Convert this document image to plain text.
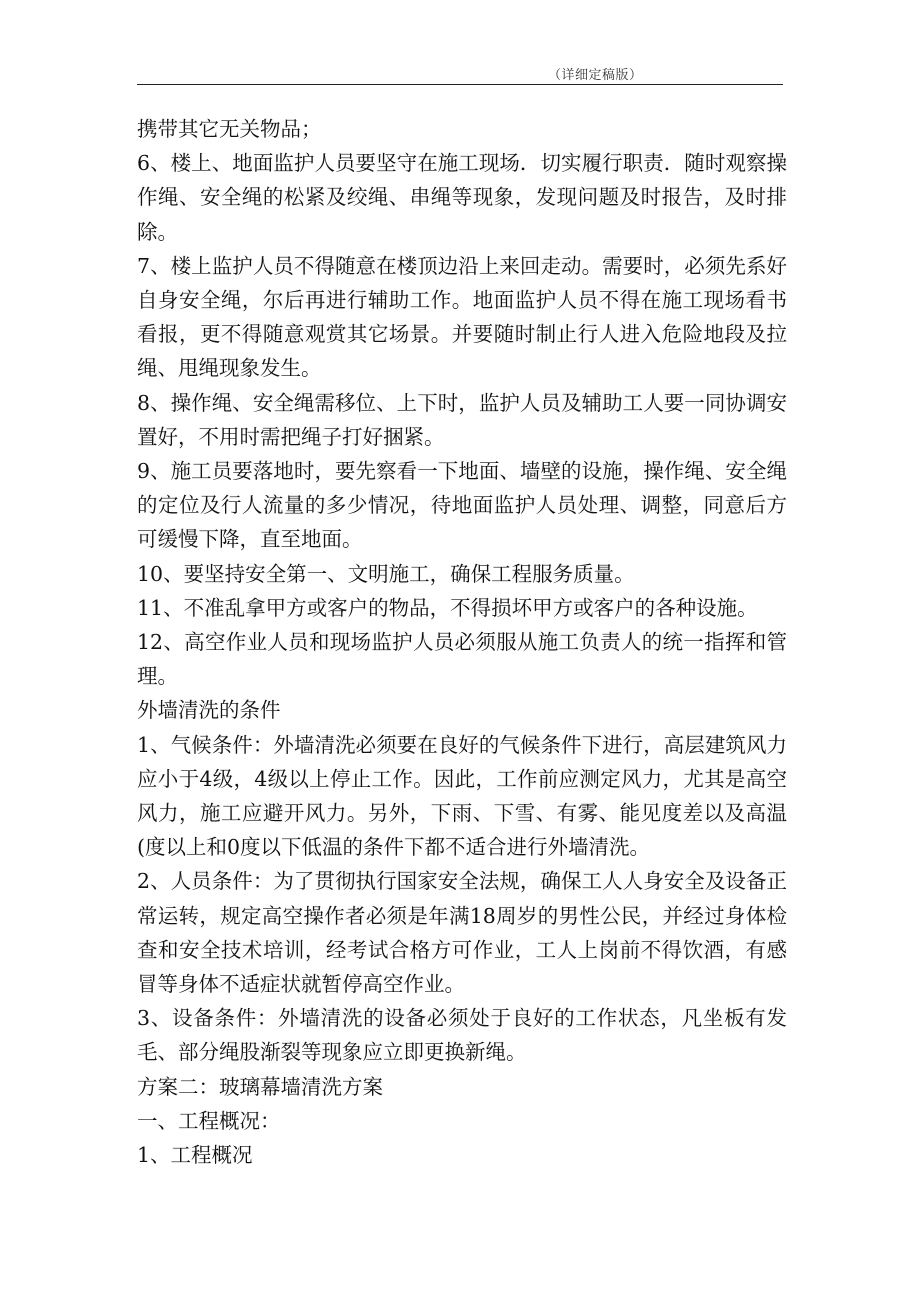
（详细定稿版）

携带其它无关物品；

6、楼上、地面监护人员要坚守在施工现场．切实履行职责．随时观察操作绳、安全绳的松紧及绞绳、串绳等现象，发现问题及时报告，及时排除。

7、楼上监护人员不得随意在楼顶边沿上来回走动。需要时，必须先系好自身安全绳，尔后再进行辅助工作。地面监护人员不得在施工现场看书看报，更不得随意观赏其它场景。并要随时制止行人进入危险地段及拉绳、甩绳现象发生。

8、操作绳、安全绳需移位、上下时，监护人员及辅助工人要一同协调安置好，不用时需把绳子打好捆紧。

9、施工员要落地时，要先察看一下地面、墙壁的设施，操作绳、安全绳的定位及行人流量的多少情况，待地面监护人员处理、调整，同意后方可缓慢下降，直至地面。

10、要坚持安全第一、文明施工，确保工程服务质量。

11、不准乱拿甲方或客户的物品，不得损坏甲方或客户的各种设施。

12、高空作业人员和现场监护人员必须服从施工负责人的统一指挥和管理。

外墙清洗的条件

1、气候条件：外墙清洗必须要在良好的气候条件下进行，高层建筑风力应小于4级，4级以上停止工作。因此，工作前应测定风力，尤其是高空风力，施工应避开风力。另外，下雨、下雪、有雾、能见度差以及高温(度以上和0度以下低温的条件下都不适合进行外墙清洗。

2、人员条件：为了贯彻执行国家安全法规，确保工人人身安全及设备正常运转，规定高空操作者必须是年满18周岁的男性公民，并经过身体检查和安全技术培训，经考试合格方可作业，工人上岗前不得饮酒，有感冒等身体不适症状就暂停高空作业。

3、设备条件：外墙清洗的设备必须处于良好的工作状态，凡坐板有发毛、部分绳股渐裂等现象应立即更换新绳。

方案二：玻璃幕墙清洗方案

一、工程概况：

1、工程概况
